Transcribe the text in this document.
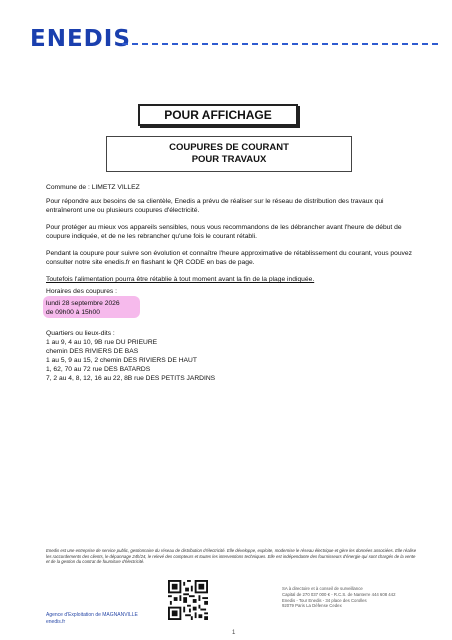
ENEDIS
POUR AFFICHAGE
COUPURES DE COURANT
POUR TRAVAUX
Commune de : LIMETZ VILLEZ
Pour répondre aux besoins de sa clientèle, Enedis a prévu de réaliser sur le réseau de distribution des travaux qui entraîneront une ou plusieurs coupures d'électricité.
Pour protéger au mieux vos appareils sensibles, nous vous recommandons de les débrancher avant l'heure de début de coupure indiquée, et de ne les rebrancher qu'une fois le courant rétabli.
Pendant la coupure pour suivre son évolution et connaître l'heure approximative de rétablissement du courant, vous pouvez consulter notre site enedis.fr en flashant le QR CODE en bas de page.
Toutefois l'alimentation pourra être rétablie à tout moment avant la fin de la plage indiquée.
Horaires des coupures :
lundi 28 septembre 2026
de 09h00 à 15h00
Quartiers ou lieux-dits :
1 au 9, 4 au 10, 9B rue DU PRIEURE
chemin DES RIVIERS DE BAS
1 au 5, 9 au 15, 2 chemin DES RIVIERS DE HAUT
1, 62, 70 au 72 rue DES BATARDS
7, 2 au 4, 8, 12, 16 au 22, 8B rue DES PETITS JARDINS
Enedis est une entreprise de service public, gestionnaire du réseau de distribution d'électricité. Elle développe, exploite, modernise le réseau électrique et gère les données associées. Elle réalise les raccordements des clients, le dépannage 24h/24, le relevé des compteurs et toutes les interventions techniques. Elle est indépendante des fournisseurs d'énergie qui sont chargés de la vente et de la gestion du contrat de fourniture d'électricité.
Agence d'Exploitation de MAGNANVILLE
enedis.fr
SA à directoire et à conseil de surveillance
Capital de 270 037 000 € - R.C.S. de Nanterre 444 608 442
Enedis - Tour Enedis - 34 place des Corolles
92079 Paris La Défense Cedex
1
